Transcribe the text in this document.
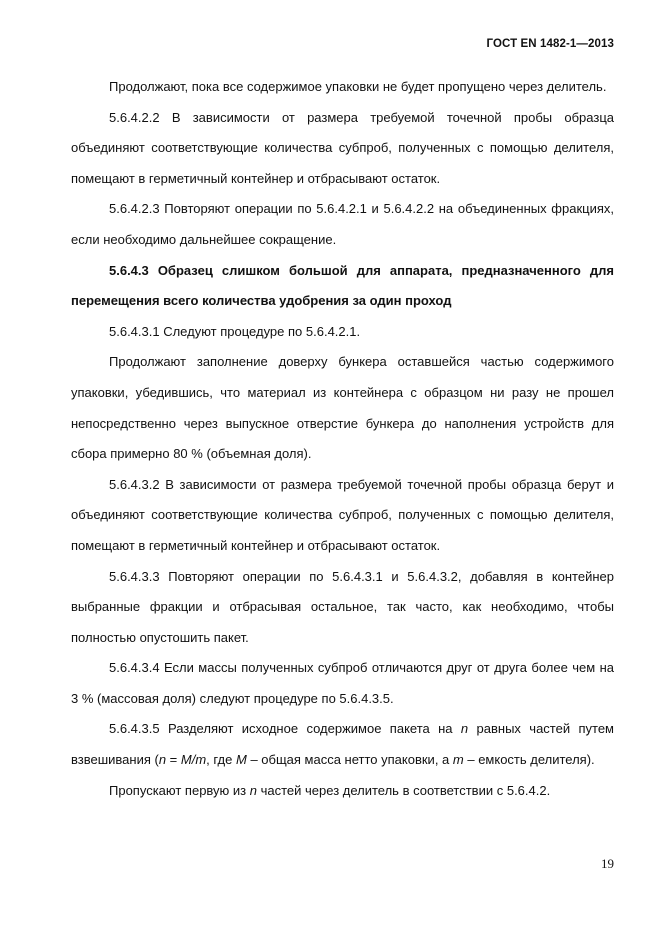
ГОСТ EN 1482-1—2013

Продолжают, пока все содержимое упаковки не будет пропущено через делитель.

5.6.4.2.2 В зависимости от размера требуемой точечной пробы образца объединяют соответствующие количества субпроб, полученных с помощью делителя, помещают в герметичный контейнер и отбрасывают остаток.

5.6.4.2.3 Повторяют операции по 5.6.4.2.1 и 5.6.4.2.2 на объединенных фракциях, если необходимо дальнейшее сокращение.

5.6.4.3 Образец слишком большой для аппарата, предназначенного для перемещения всего количества удобрения за один проход

5.6.4.3.1 Следуют процедуре по 5.6.4.2.1.

Продолжают заполнение доверху бункера оставшейся частью содержимого упаковки, убедившись, что материал из контейнера с образцом ни разу не прошел непосредственно через выпускное отверстие бункера до наполнения устройств для сбора примерно 80 % (объемная доля).

5.6.4.3.2 В зависимости от размера требуемой точечной пробы образца берут и объединяют соответствующие количества субпроб, полученных с помощью делителя, помещают в герметичный контейнер и отбрасывают остаток.

5.6.4.3.3 Повторяют операции по 5.6.4.3.1 и 5.6.4.3.2, добавляя в контейнер выбранные фракции и отбрасывая остальное, так часто, как необходимо, чтобы полностью опустошить пакет.

5.6.4.3.4 Если массы полученных субпроб отличаются друг от друга более чем на 3 % (массовая доля) следуют процедуре по 5.6.4.3.5.

5.6.4.3.5 Разделяют исходное содержимое пакета на n равных частей путем взвешивания (n = M/m, где M – общая масса нетто упаковки, а m – емкость делителя).

Пропускают первую из n частей через делитель в соответствии с 5.6.4.2.

19
